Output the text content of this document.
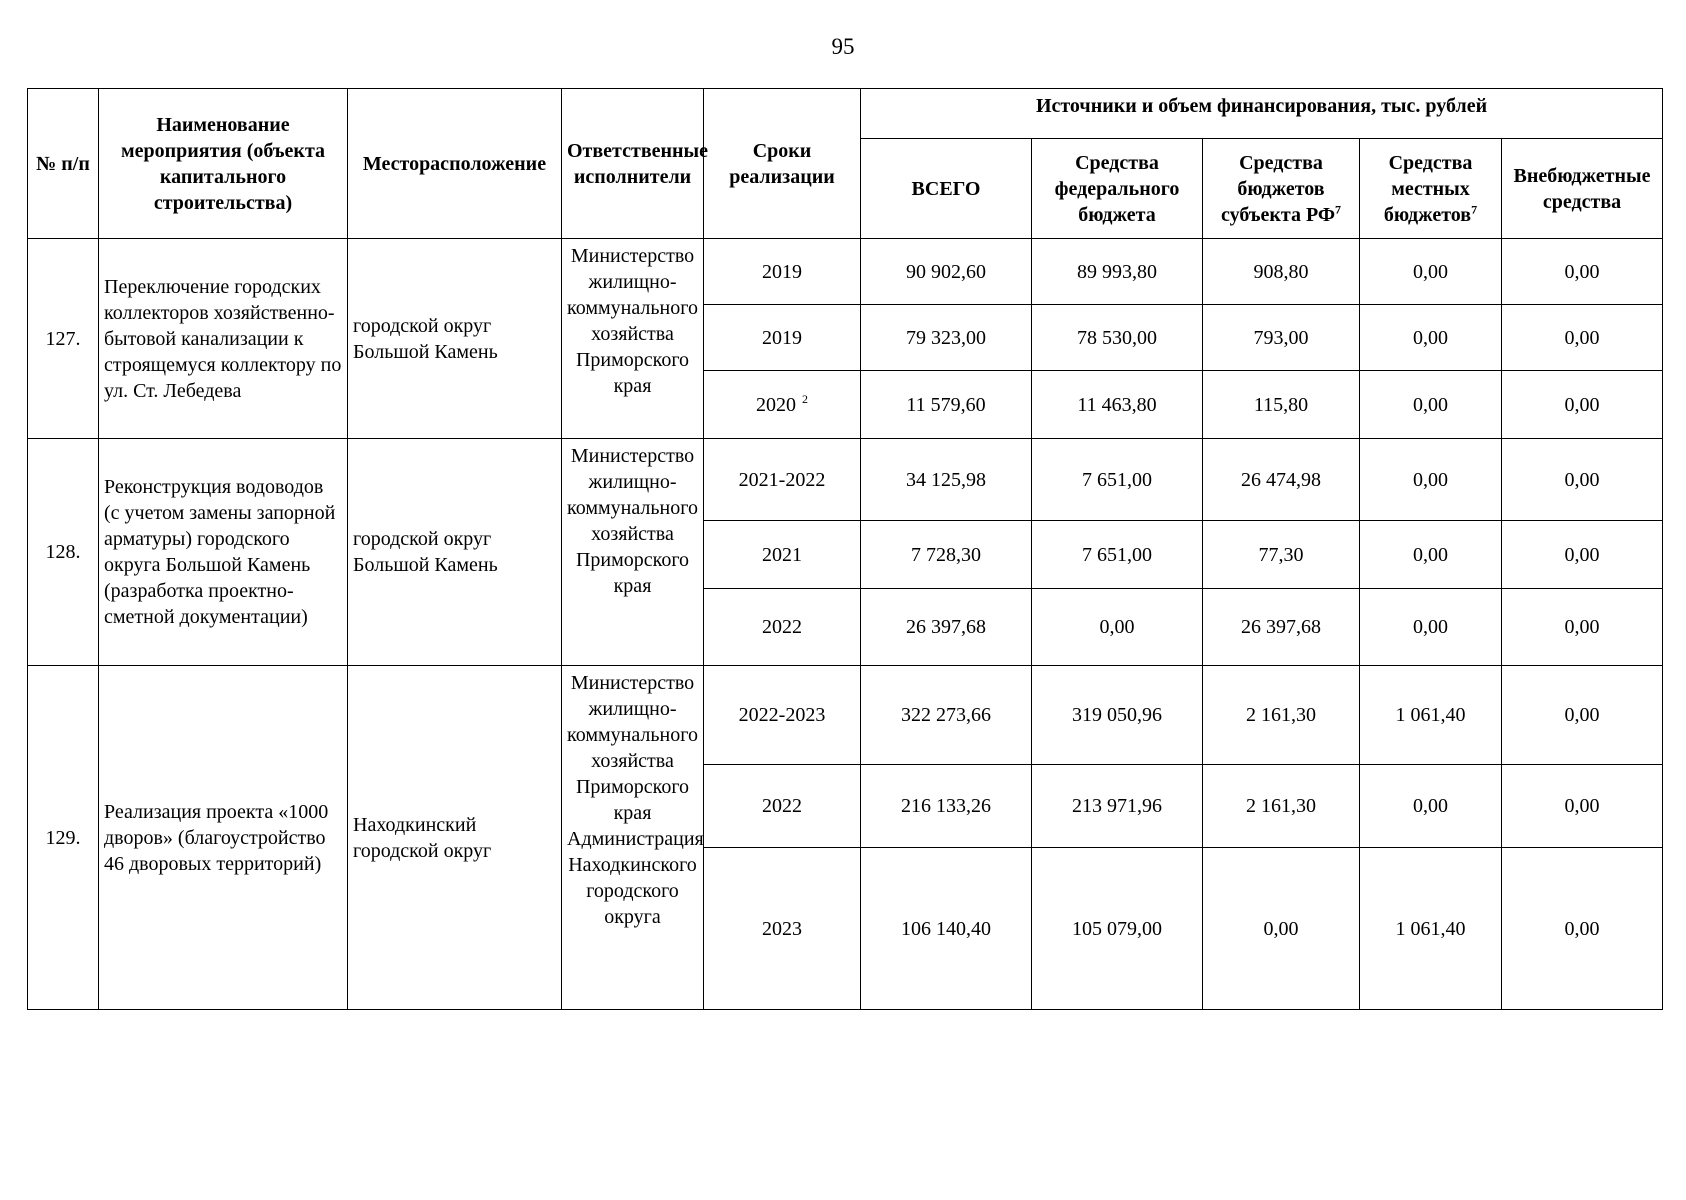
95
№ п/п	Наименование мероприятия (объекта капитального строительства)	Месторасположение	Ответственные исполнители	Сроки реализации	Источники и объем финансирования, тыс. рублей				
					ВСЕГО	Средства федерального бюджета	Средства бюджетов субъекта $РФ^7$	Средства местных бюджетов$^7$	Внебюджетные средства
127.	Переключение городских коллекторов хозяйственно-бытовой канализации к строящемуся коллектору по ул. Ст. Лебедева	городской округ Большой Камень	Министерство жилищно-коммунального хозяйства Приморского края	2019	90 902,60	89 993,80	908,80	0,00	0,00
				2019	79 323,00	78 530,00	793,00	0,00	0,00
				2020 $^2$	11 579,60	11 463,80	115,80	0,00	0,00
128.	Реконструкция водоводов (с учетом замены запорной арматуры) городского округа Большой Камень (разработка проектно-сметной документации)	городской округ Большой Камень	Министерство жилищно-коммунального хозяйства Приморского края	2021-2022	34 125,98	7 651,00	26 474,98	0,00	0,00
				2021	7 728,30	7 651,00	77,30	0,00	0,00
				2022	26 397,68	0,00	26 397,68	0,00	0,00
129.	Реализация проекта «1000 дворов» (благоустройство 46 дворовых территорий)	Находкинский городской округ	Министерство жилищно-коммунального хозяйства Приморского края Администрация Находкинского городского округа	2022-2023	322 273,66	319 050,96	2 161,30	1 061,40	0,00
				2022	216 133,26	213 971,96	2 161,30	0,00	0,00
				2023	106 140,40	105 079,00	0,00	1 061,40	0,00
